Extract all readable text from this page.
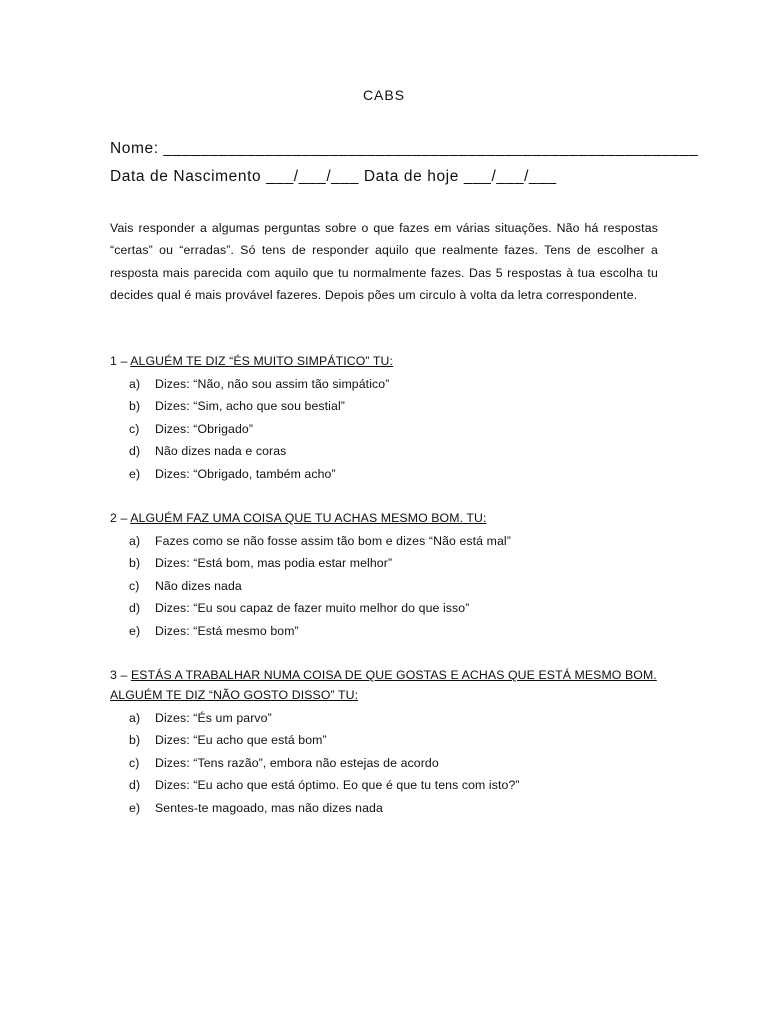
CABS
Nome: __________________________________________________________
Data de Nascimento ___/___/___ Data de hoje ___/___/___
Vais responder a algumas perguntas sobre o que fazes em várias situações. Não há respostas “certas” ou “erradas”. Só tens de responder aquilo que realmente fazes. Tens de escolher a resposta mais parecida com aquilo que tu normalmente fazes. Das 5 respostas à tua escolha tu decides qual é mais provável fazeres. Depois pões um circulo à volta da letra correspondente.
1 – ALGUÉM TE DIZ “ÉS MUITO SIMPÁTICO” TU:
a) Dizes: “Não, não sou assim tão simpático”
b) Dizes: “Sim, acho que sou bestial”
c) Dizes: “Obrigado”
d) Não dizes nada e coras
e) Dizes: “Obrigado, também acho”
2 – ALGUÉM FAZ UMA COISA QUE TU ACHAS MESMO BOM. TU:
a) Fazes como se não fosse assim tão bom e dizes “Não está mal”
b) Dizes: “Está bom, mas podia estar melhor”
c) Não dizes nada
d) Dizes: “Eu sou capaz de fazer muito melhor do que isso”
e) Dizes: “Está mesmo bom”
3 – ESTÁS A TRABALHAR NUMA COISA DE QUE GOSTAS E ACHAS QUE ESTÁ MESMO BOM.
ALGUÉM TE DIZ “NÃO GOSTO DISSO” TU:
a) Dizes: “És um parvo”
b) Dizes: “Eu acho que está bom”
c) Dizes: “Tens razão”, embora não estejas de acordo
d) Dizes: “Eu acho que está óptimo. Eo que é que tu tens com isto?”
e) Sentes-te magoado, mas não dizes nada
